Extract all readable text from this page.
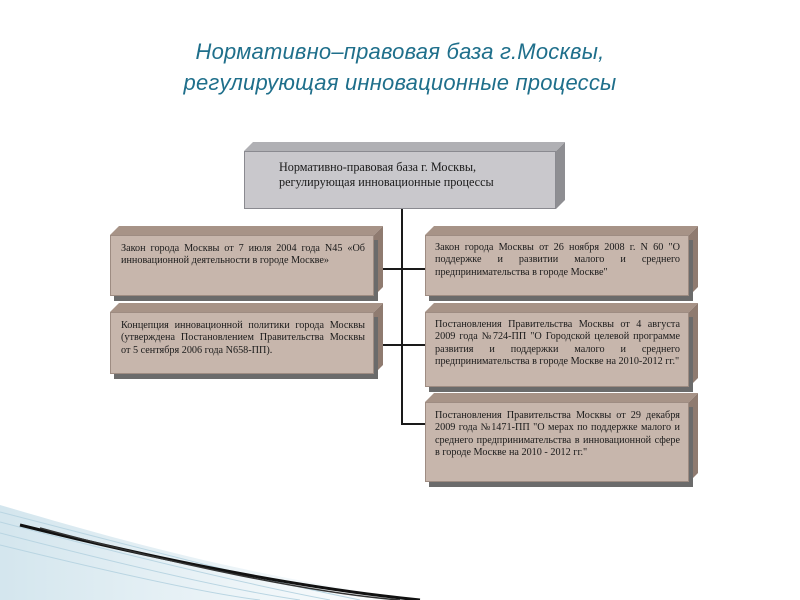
Нормативно–правовая база г.Москвы,
регулирующая инновационные процессы
Нормативно-правовая база г. Москвы,
регулирующая инновационные процессы
Закон города Москвы от 7 июля 2004 года N45 «Об инновационной деятельности в городе Москве»
Концепция инновационной политики города Москвы (утверждена Постановлением Правительства Москвы от 5 сентября 2006 года N658-ПП).
Закон города Москвы от 26 ноября 2008 г. N 60 "О поддержке и развитии малого и среднего предпринимательства в городе Москве"
Постановления Правительства Москвы от 4 августа 2009 года №724-ПП "О Городской целевой программе развития и поддержки малого и среднего предпринимательства в городе Москве на 2010-2012 гг."
Постановления Правительства Москвы от 29 декабря 2009 года №1471-ПП "О мерах по поддержке малого и среднего предпринимательства в инновационной сфере в городе Москве на 2010 - 2012 гг."
